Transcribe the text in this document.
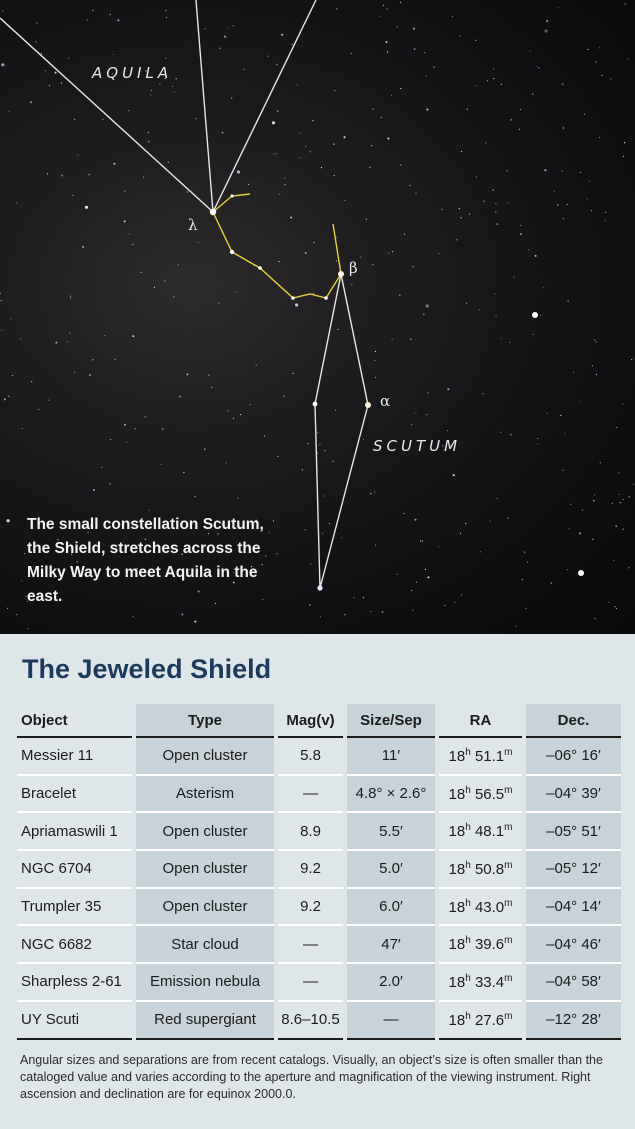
AQUILA
SCUTUM
λ
β
α
The small constellation Scutum, the Shield, stretches across the Milky Way to meet Aquila in the east.
The Jeweled Shield
Object	Type	Mag(v)	Size/Sep	RA	Dec.
Messier 11	Open cluster	5.8	11′	18$^h$ 51.1$^m$	–06° 16′
Bracelet	Asterism	—	4.8° × 2.6°	18$^h$ 56.5$^m$	–04° 39′
Apriamaswili 1	Open cluster	8.9	5.5′	18$^h$ 48.1$^m$	–05° 51′
NGC 6704	Open cluster	9.2	5.0′	18$^h$ 50.8$^m$	–05° 12′
Trumpler 35	Open cluster	9.2	6.0′	18$^h$ 43.0$^m$	–04° 14′
NGC 6682	Star cloud	—	47′	18$^h$ 39.6$^m$	–04° 46′
Sharpless 2-61	Emission nebula	—	2.0′	18$^h$ 33.4$^m$	–04° 58′
UY Scuti	Red supergiant	8.6–10.5	—	18$^h$ 27.6$^m$	–12° 28′
Angular sizes and separations are from recent catalogs. Visually, an object’s size is often smaller than the cataloged value and varies according to the aperture and magnification of the viewing instrument. Right ascension and declination are for equinox 2000.0.
